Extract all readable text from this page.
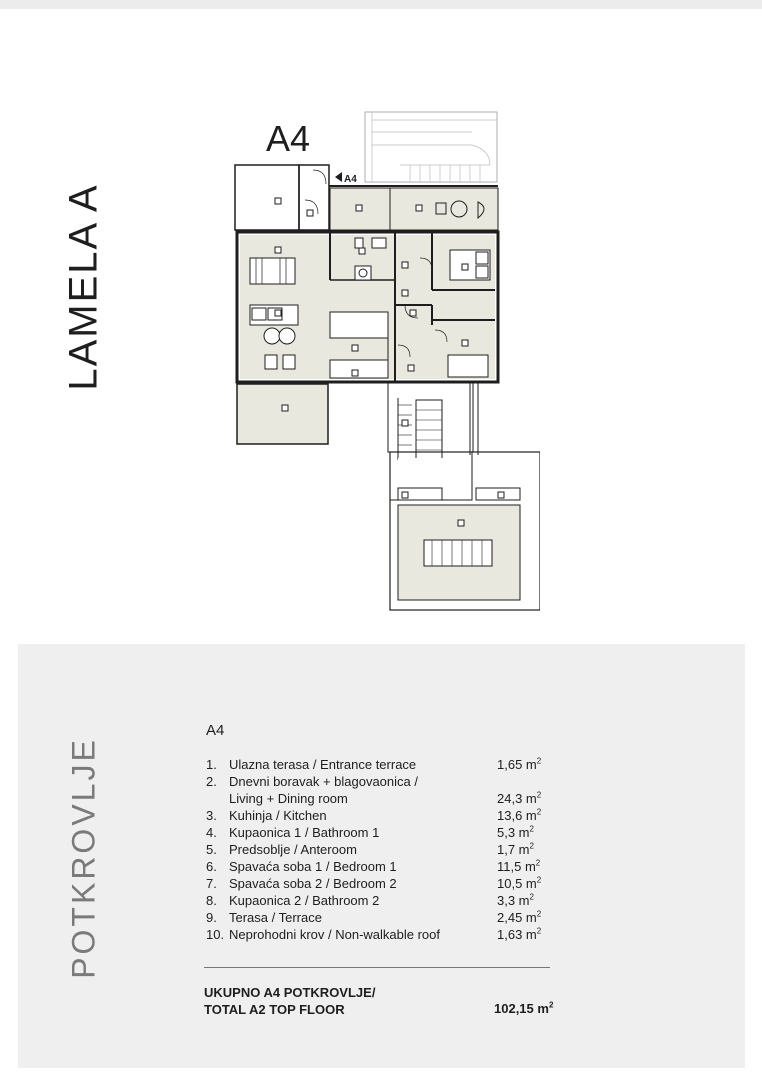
LAMELA A
A4
A4
POTKROVLJE
A4
1. Ulazna terasa / Entrance terrace	1,65 $m^2$
2. Dnevni boravak + blagovaonica /
Living + Dining room	24,3 $m^2$
3. Kuhinja / Kitchen	13,6 $m^2$
4. Kupaonica 1 / Bathroom 1	5,3 $m^2$
5. Predsoblje / Anteroom	1,7 $m^2$
6. Spavaća soba 1 / Bedroom 1	11,5 $m^2$
7. Spavaća soba 2 / Bedroom 2	10,5 $m^2$
8. Kupaonica 2 / Bathroom 2	3,3 $m^2$
9. Terasa / Terrace	2,45 $m^2$
10. Neprohodni krov / Non-walkable roof	1,63 $m^2$
UKUPNO A4 POTKROVLJE/
TOTAL A2 TOP FLOOR	102,15 $m^2$
